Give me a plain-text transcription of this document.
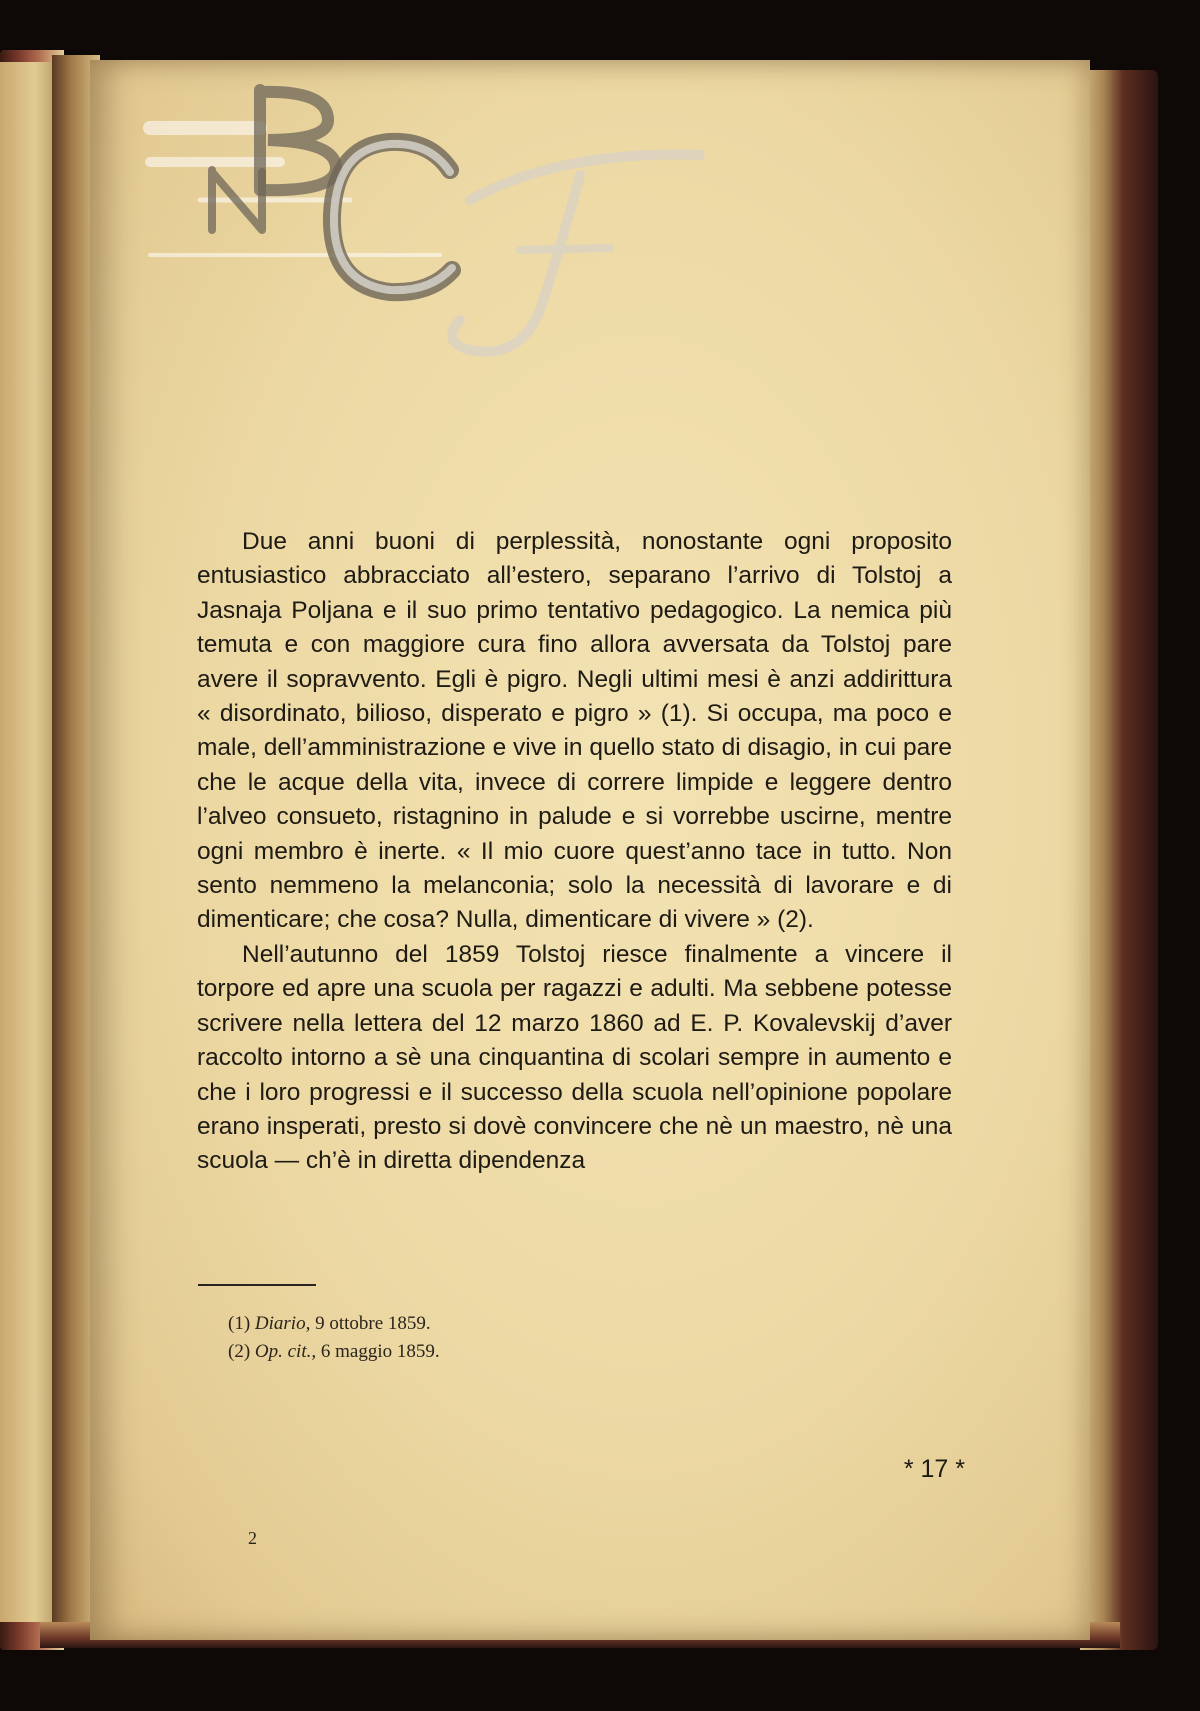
Due anni buoni di perplessità, nonostante ogni proposito entusiastico abbracciato all’estero, separano l’arrivo di Tolstoj a Jasnaja Poljana e il suo primo tentativo pedagogico. La nemica più temuta e con maggiore cura fino allora avversata da Tolstoj pare avere il sopravvento. Egli è pigro. Negli ultimi mesi è anzi addirittura « disordinato, bilioso, disperato e pigro » (1). Si occupa, ma poco e male, dell’amministrazione e vive in quello stato di disagio, in cui pare che le acque della vita, invece di correre limpide e leggere dentro l’alveo consueto, ristagnino in palude e si vorrebbe uscirne, mentre ogni membro è inerte. « Il mio cuore quest’anno tace in tutto. Non sento nemmeno la melanconia; solo la necessità di lavorare e di dimenticare; che cosa? Nulla, dimenticare di vivere » (2).

Nell’autunno del 1859 Tolstoj riesce finalmente a vincere il torpore ed apre una scuola per ragazzi e adulti. Ma sebbene potesse scrivere nella lettera del 12 marzo 1860 ad E. P. Kovalevskij d’aver raccolto intorno a sè una cinquantina di scolari sempre in aumento e che i loro progressi e il successo della scuola nell’opinione popolare erano insperati, presto si dovè convincere che nè un maestro, nè una scuola — ch’è in diretta dipendenza

(1) Diario, 9 ottobre 1859.

(2) Op. cit., 6 maggio 1859.

* 17 *
2
